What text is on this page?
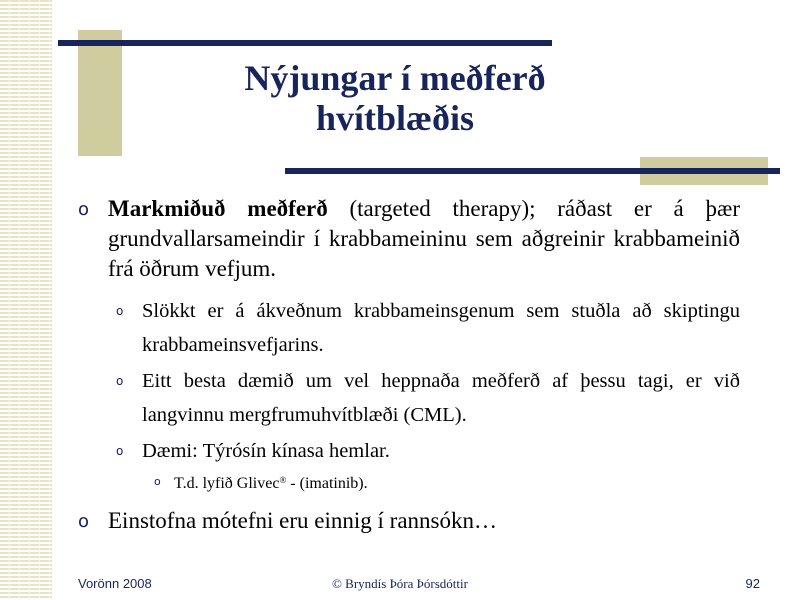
Nýjungar í meðferð
hvítblæðis
o Markmiðuð meðferð (targeted therapy); ráðast er á þær grundvallarsameindir í krabbameininu sem aðgreinir krabbameinið frá öðrum vefjum.
o Slökkt er á ákveðnum krabbameinsgenum sem stuðla að skiptingu krabbameinsvefjarins.
o Eitt besta dæmið um vel heppnaða meðferð af þessu tagi, er við langvinnu mergfrumuhvítblæði (CML).
o Dæmi: Týrósín kínasa hemlar.
o T.d. lyfið Glivec® - (imatinib).
o Einstofna mótefni eru einnig í rannsókn…
Vorönn 2008	© Bryndís Þóra Þórsdóttir	92
